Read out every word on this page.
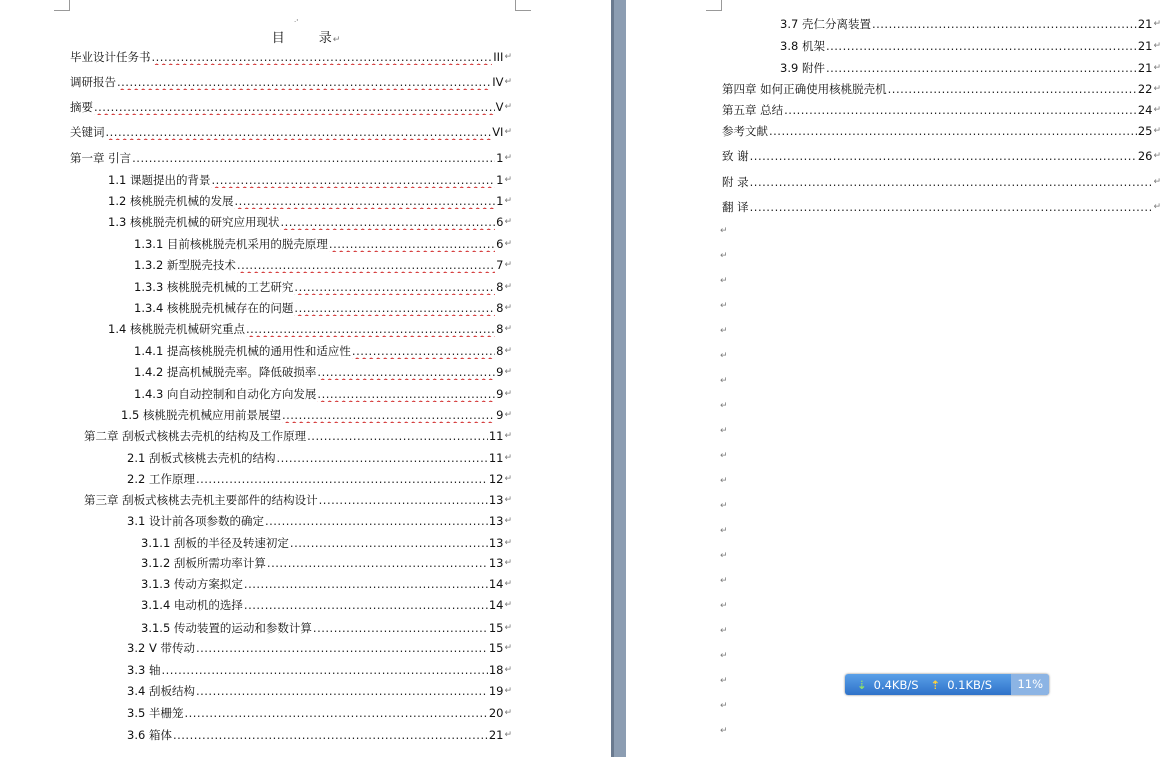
·'
目	录↵
毕业设计任务书 .....	III ↵
调研报告 .....	IV ↵
摘要 .....	V ↵
关键词 .....	VI ↵
第一章 引言 .....	1 ↵
1.1 课题提出的背景 .....	1 ↵
1.2 核桃脱壳机械的发展 .....	1 ↵
1.3 核桃脱壳机械的研究应用现状 .....	6 ↵
1.3.1 目前核桃脱壳机采用的脱壳原理 .....	6 ↵
1.3.2 新型脱壳技术 .....	7 ↵
1.3.3 核桃脱壳机械的工艺研究 .....	8 ↵
1.3.4 核桃脱壳机械存在的问题 .....	8 ↵
1.4 核桃脱壳机械研究重点 .....	8 ↵
1.4.1 提高核桃脱壳机械的通用性和适应性 .....	8 ↵
1.4.2 提高机械脱壳率。降低破损率 .....	9 ↵
1.4.3 向自动控制和自动化方向发展 .....	9 ↵
1.5 核桃脱壳机械应用前景展望 .....	9 ↵
第二章 刮板式核桃去壳机的结构及工作原理 .....	11 ↵
2.1 刮板式核桃去壳机的结构 .....	11 ↵
2.2 工作原理 .....	12 ↵
第三章 刮板式核桃去壳机主要部件的结构设计 .....	13 ↵
3.1 设计前各项参数的确定 .....	13 ↵
3.1.1 刮板的半径及转速初定 .....	13 ↵
3.1.2 刮板所需功率计算 .....	13 ↵
3.1.3 传动方案拟定 .....	14 ↵
3.1.4 电动机的选择 .....	14 ↵
3.1.5 传动装置的运动和参数计算 .....	15 ↵
3.2 V 带传动 .....	15 ↵
3.3 轴 .....	18 ↵
3.4 刮板结构 .....	19 ↵
3.5 半栅笼 .....	20 ↵
3.6 箱体 .....	21 ↵
3.7 壳仁分离装置 .....	21 ↵
3.8 机架 .....	21 ↵
3.9 附件 .....	21 ↵
第四章 如何正确使用核桃脱壳机 .....	22 ↵
第五章 总结 .....	24 ↵
参考文献 .....	25 ↵
致 谢 .....	26 ↵
附 录 .....	↵
翻 译 .....	↵
↵
↵
↵
↵
↵
↵
↵
↵
↵
↵
↵
↵
↵
↵
↵
↵
↵
↵
↵
↵
↵
⇣ 0.4KB/S ⇡ 0.1KB/S	11%
